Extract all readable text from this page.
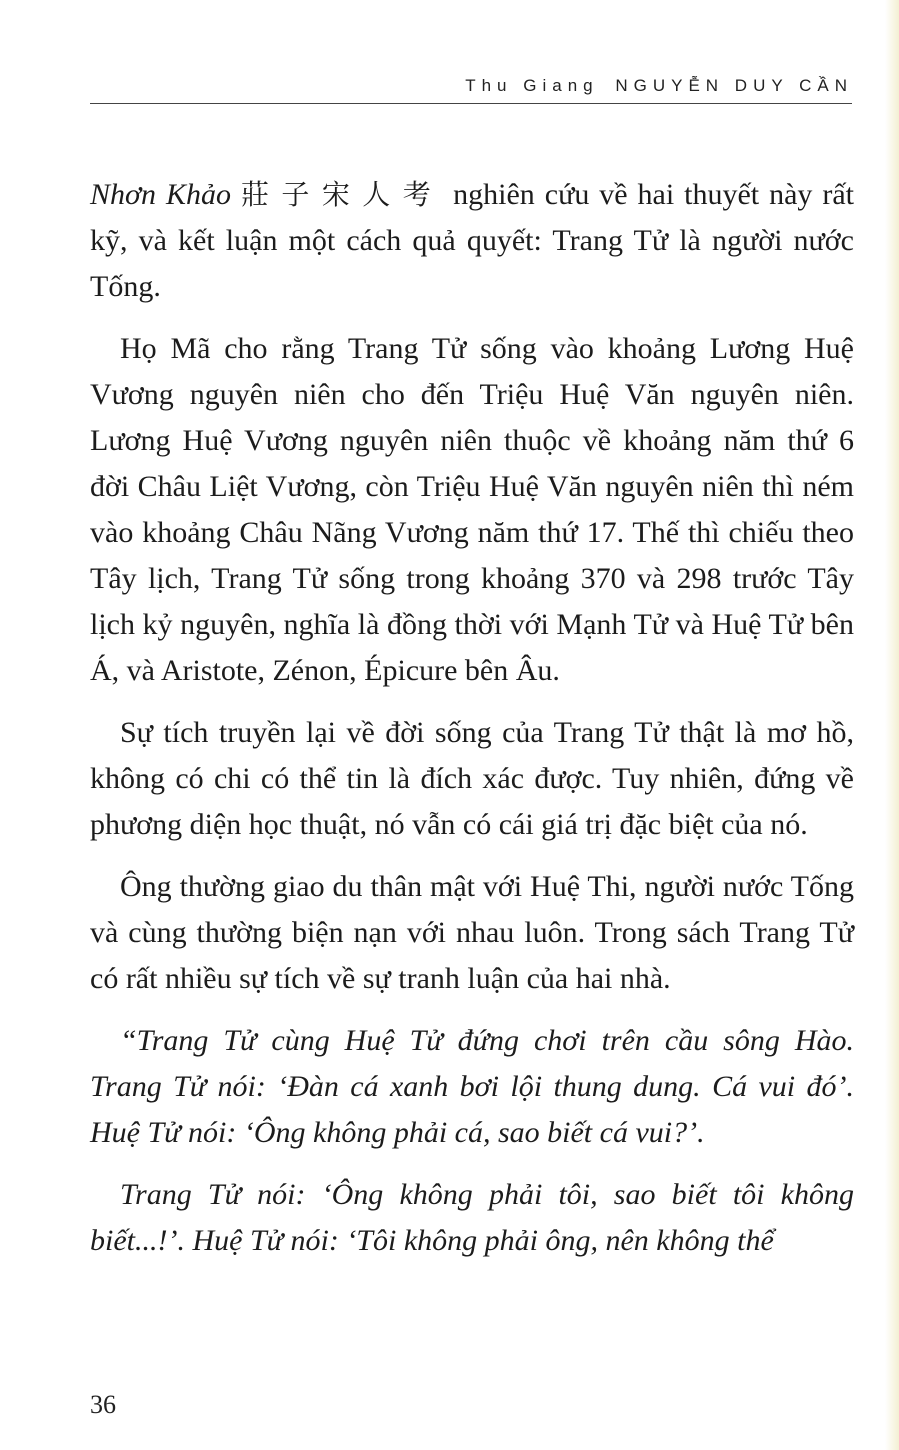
Thu Giang NGUYỄN DUY CẦN

Nhơn Khảo 莊子宋人考 nghiên cứu về hai thuyết này rất kỹ, và kết luận một cách quả quyết: Trang Tử là người nước Tống.

Họ Mã cho rằng Trang Tử sống vào khoảng Lương Huệ Vương nguyên niên cho đến Triệu Huệ Văn nguyên niên. Lương Huệ Vương nguyên niên thuộc về khoảng năm thứ 6 đời Châu Liệt Vương, còn Triệu Huệ Văn nguyên niên thì ném vào khoảng Châu Nãng Vương năm thứ 17. Thế thì chiếu theo Tây lịch, Trang Tử sống trong khoảng 370 và 298 trước Tây lịch kỷ nguyên, nghĩa là đồng thời với Mạnh Tử và Huệ Tử bên Á, và Aristote, Zénon, Épicure bên Âu.

Sự tích truyền lại về đời sống của Trang Tử thật là mơ hồ, không có chi có thể tin là đích xác được. Tuy nhiên, đứng về phương diện học thuật, nó vẫn có cái giá trị đặc biệt của nó.

Ông thường giao du thân mật với Huệ Thi, người nước Tống và cùng thường biện nạn với nhau luôn. Trong sách Trang Tử có rất nhiều sự tích về sự tranh luận của hai nhà.

“Trang Tử cùng Huệ Tử đứng chơi trên cầu sông Hào. Trang Tử nói: ‘Đàn cá xanh bơi lội thung dung. Cá vui đó’. Huệ Tử nói: ‘Ông không phải cá, sao biết cá vui?’.

Trang Tử nói: ‘Ông không phải tôi, sao biết tôi không biết...!’. Huệ Tử nói: ‘Tôi không phải ông, nên không thể

36
